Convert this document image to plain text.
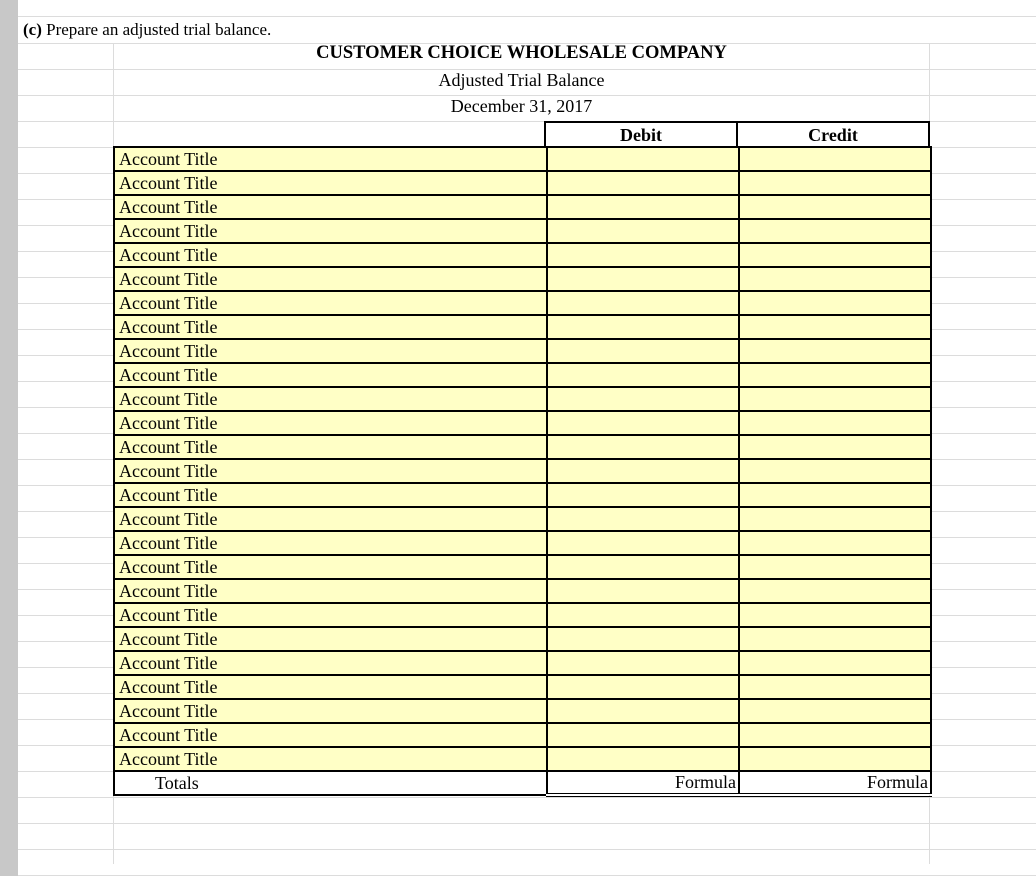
(c) Prepare an adjusted trial balance.
CUSTOMER CHOICE WHOLESALE COMPANY
Adjusted Trial Balance
December 31, 2017
Debit	Credit
Account Title		
Account Title		
Account Title		
Account Title		
Account Title		
Account Title		
Account Title		
Account Title		
Account Title		
Account Title		
Account Title		
Account Title		
Account Title		
Account Title		
Account Title		
Account Title		
Account Title		
Account Title		
Account Title		
Account Title		
Account Title		
Account Title		
Account Title		
Account Title		
Account Title		
Account Title		
Totals	Formula	Formula
